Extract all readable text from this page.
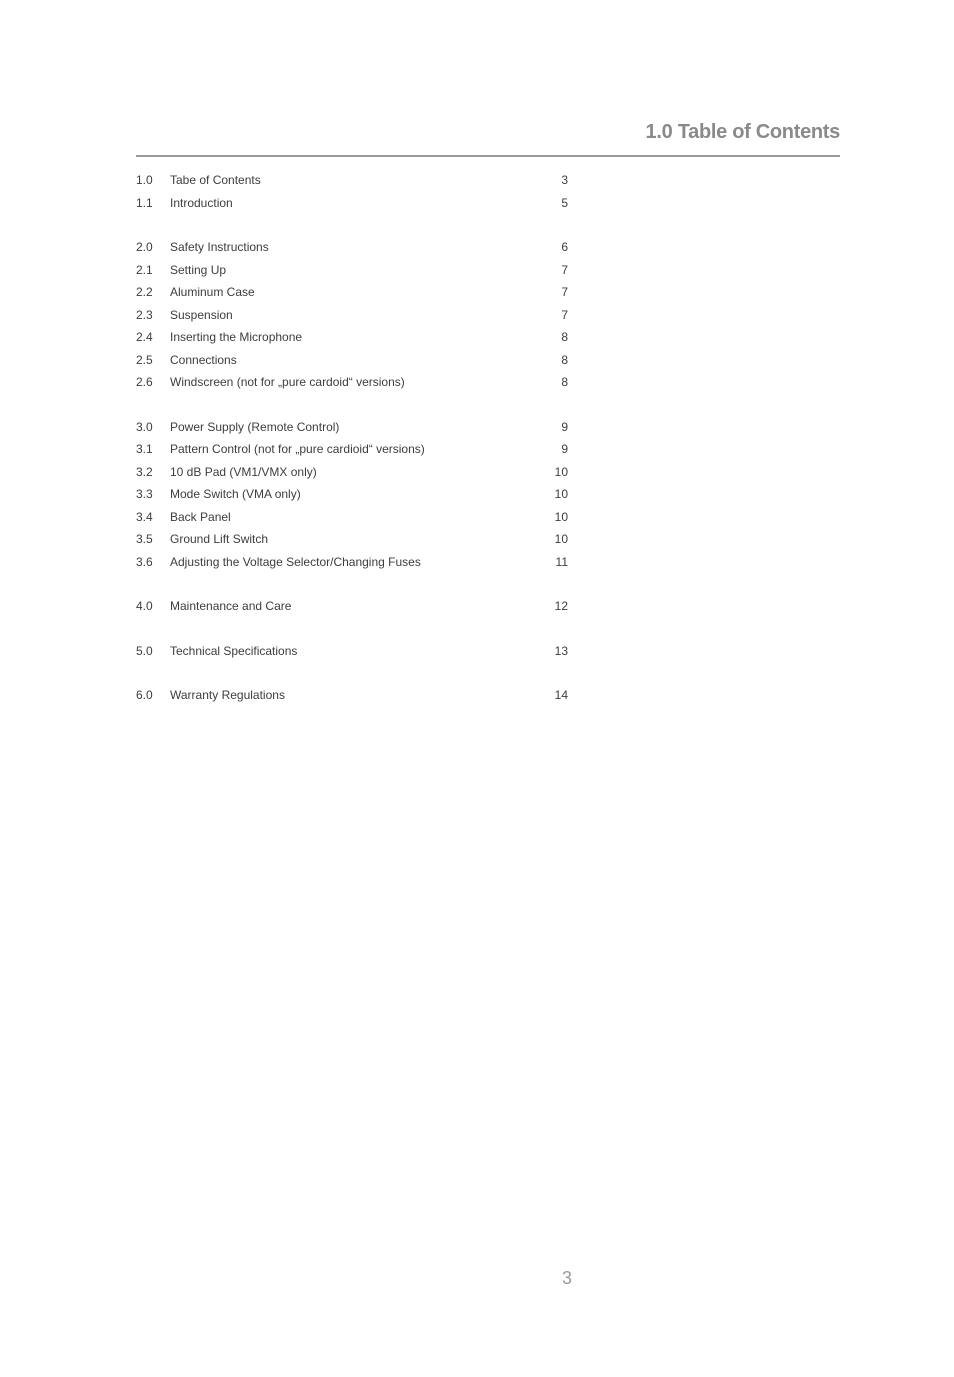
1.0 Table of Contents
1.0	Tabe of Contents	3
1.1	Introduction	5
2.0	Safety Instructions	6
2.1	Setting Up	7
2.2	Aluminum Case	7
2.3	Suspension	7
2.4	Inserting the Microphone	8
2.5	Connections	8
2.6	Windscreen (not for „pure cardoid“ versions)	8
3.0	Power Supply (Remote Control)	9
3.1	Pattern Control (not for „pure cardioid“ versions)	9
3.2	10 dB Pad (VM1/VMX only)	10
3.3	Mode Switch (VMA only)	10
3.4	Back Panel	10
3.5	Ground Lift Switch	10
3.6	Adjusting the Voltage Selector/Changing Fuses	11
4.0	Maintenance and Care	12
5.0	Technical Specifications	13
6.0	Warranty Regulations	14
3
